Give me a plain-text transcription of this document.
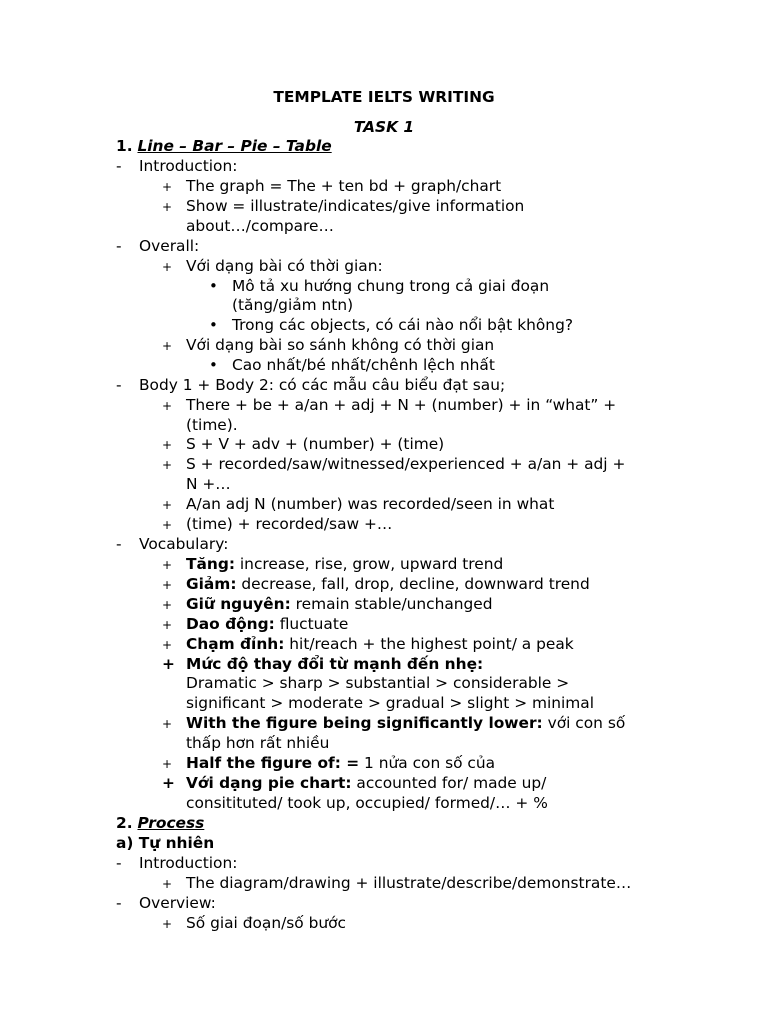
TEMPLATE IELTS WRITING
TASK 1
1. Line – Bar – Pie – Table
- Introduction:
+ The graph = The + ten bd + graph/chart
+ Show = illustrate/indicates/give information
about…/compare…
- Overall:
+ Với dạng bài có thời gian:
• Mô tả xu hướng chung trong cả giai đoạn
(tăng/giảm ntn)
• Trong các objects, có cái nào nổi bật không?
+ Với dạng bài so sánh không có thời gian
• Cao nhất/bé nhất/chênh lệch nhất
- Body 1 + Body 2: có các mẫu câu biểu đạt sau;
+ There + be + a/an + adj + N + (number) + in “what” +
(time).
+ S + V + adv + (number) + (time)
+ S + recorded/saw/witnessed/experienced + a/an + adj +
N +…
+ A/an adj N (number) was recorded/seen in what
+ (time) + recorded/saw +…
- Vocabulary:
+ Tăng: increase, rise, grow, upward trend
+ Giảm: decrease, fall, drop, decline, downward trend
+ Giữ nguyên: remain stable/unchanged
+ Dao động: fluctuate
+ Chạm đỉnh: hit/reach + the highest point/ a peak
+ Mức độ thay đổi từ mạnh đến nhẹ:
Dramatic > sharp > substantial > considerable >
significant > moderate > gradual > slight > minimal
+ With the figure being significantly lower: với con số
thấp hơn rất nhiều
+ Half the figure of: = 1 nửa con số của
+ Với dạng pie chart: accounted for/ made up/
consitituted/ took up, occupied/ formed/… + %
2. Process
a) Tự nhiên
- Introduction:
+ The diagram/drawing + illustrate/describe/demonstrate…
- Overview:
+ Số giai đoạn/số bước
